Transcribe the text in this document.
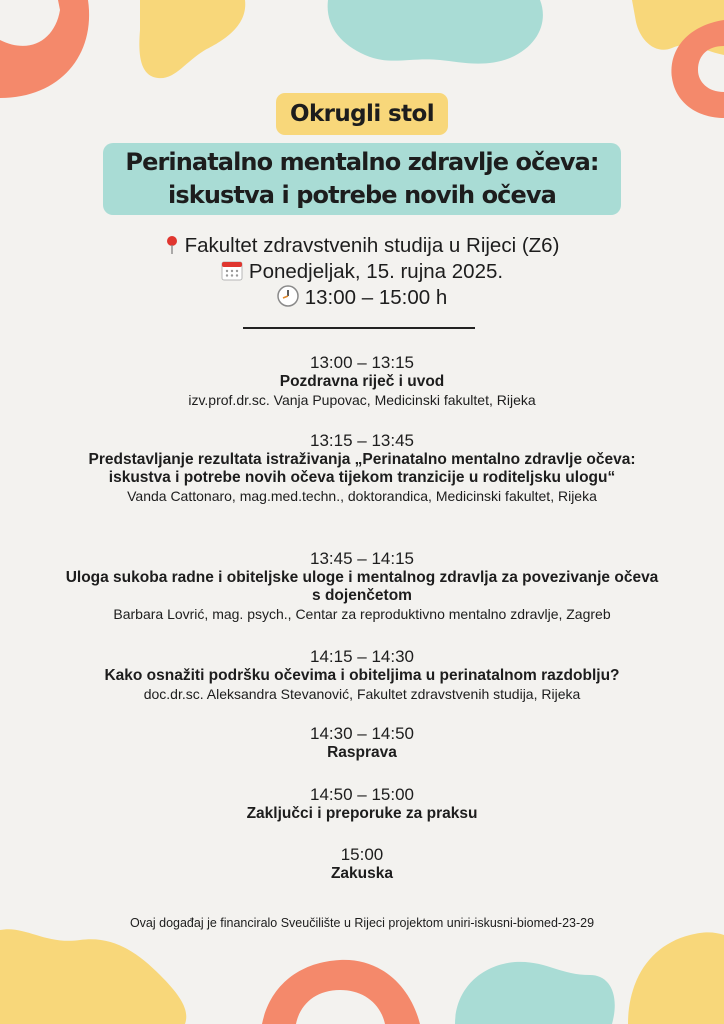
Okrugli stol
Perinatalno mentalno zdravlje očeva:
iskustva i potrebe novih očeva
Fakultet zdravstvenih studija u Rijeci (Z6)
Ponedjeljak, 15. rujna 2025.
13:00 – 15:00 h
13:00 – 13:15
Pozdravna riječ i uvod
izv.prof.dr.sc. Vanja Pupovac, Medicinski fakultet, Rijeka
13:15 – 13:45
Predstavljanje rezultata istraživanja „Perinatalno mentalno zdravlje očeva: iskustva i potrebe novih očeva tijekom tranzicije u roditeljsku ulogu“
Vanda Cattonaro, mag.med.techn., doktorandica, Medicinski fakultet, Rijeka
13:45 – 14:15
Uloga sukoba radne i obiteljske uloge i mentalnog zdravlja za povezivanje očeva s dojenčetom
Barbara Lovrić, mag. psych., Centar za reproduktivno mentalno zdravlje, Zagreb
14:15 – 14:30
Kako osnažiti podršku očevima i obiteljima u perinatalnom razdoblju?
doc.dr.sc. Aleksandra Stevanović, Fakultet zdravstvenih studija, Rijeka
14:30 – 14:50
Rasprava
14:50 – 15:00
Zaključci i preporuke za praksu
15:00
Zakuska
Ovaj događaj je financiralo Sveučilište u Rijeci projektom uniri-iskusni-biomed-23-29
